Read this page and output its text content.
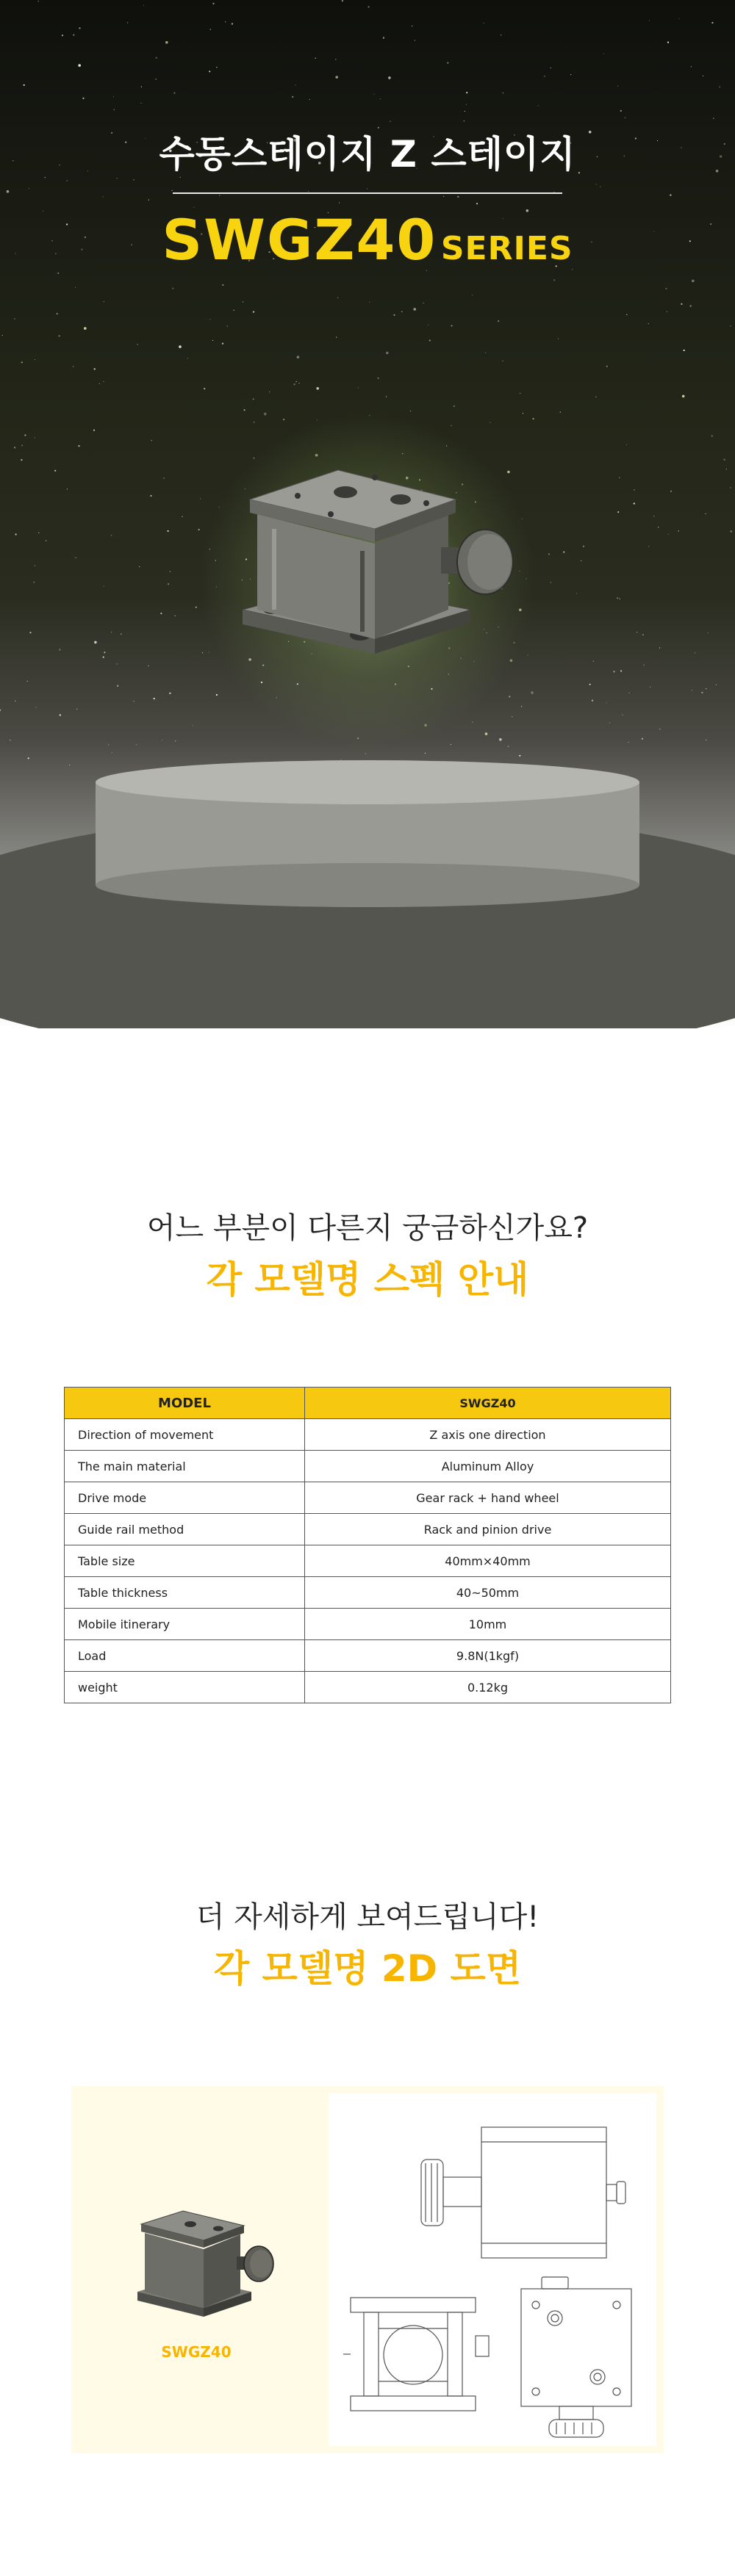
수동스테이지 Z 스테이지
SWGZ40 SERIES
어느 부분이 다른지 궁금하신가요?
각 모델명 스펙 안내
MODEL	SWGZ40
Direction of movement	Z axis one direction
The main material	Aluminum Alloy
Drive mode	Gear rack + hand wheel
Guide rail method	Rack and pinion drive
Table size	40mm×40mm
Table thickness	40~50mm
Mobile itinerary	10mm
Load	9.8N(1kgf)
weight	0.12kg
더 자세하게 보여드립니다!
각 모델명 2D 도면
SWGZ40
